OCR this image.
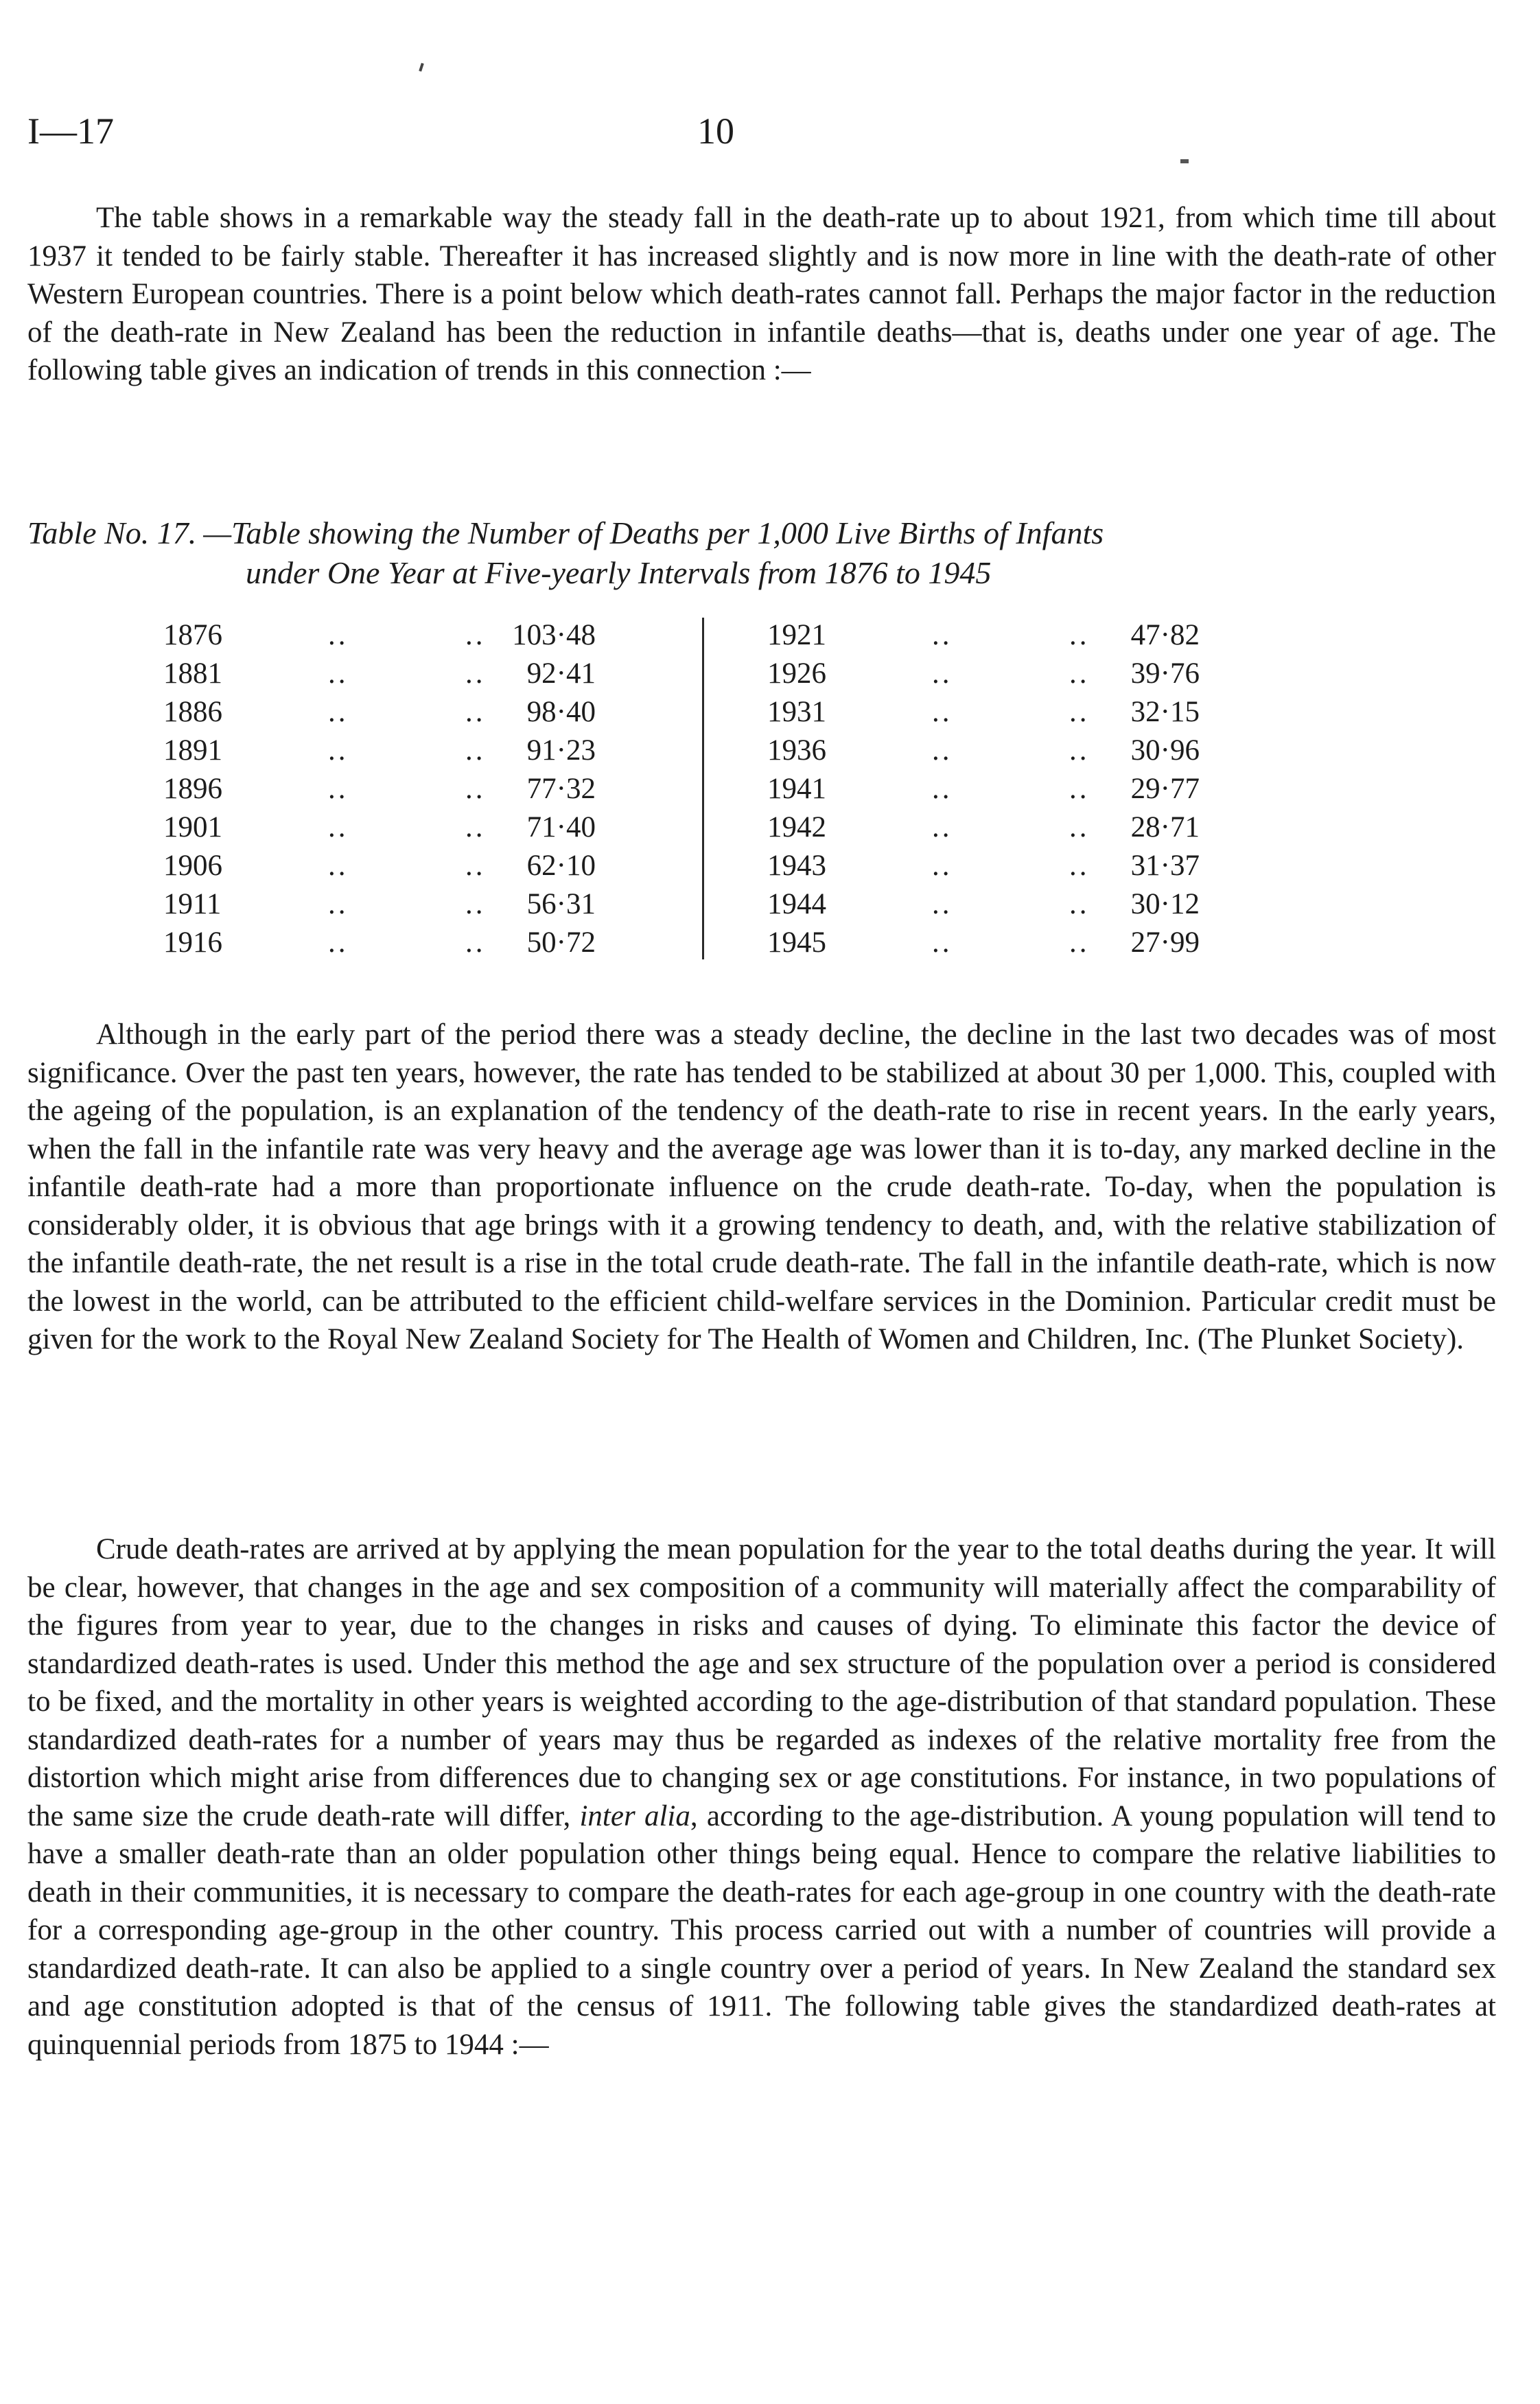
I—17	10

The table shows in a remarkable way the steady fall in the death-rate up to about 1921, from which time till about 1937 it tended to be fairly stable. Thereafter it has increased slightly and is now more in line with the death-rate of other Western European countries. There is a point below which death-rates cannot fall. Perhaps the major factor in the reduction of the death-rate in New Zealand has been the reduction in infantile deaths—that is, deaths under one year of age. The following table gives an indication of trends in this connection :—

Table No. 17. —Table showing the Number of Deaths per 1,000 Live Births of Infants
under One Year at Five-yearly Intervals from 1876 to 1945
1876	..	.. 103·48
1881	..	.. 92·41
1886	..	.. 98·40
1891	..	.. 91·23
1896	..	.. 77·32
1901	..	.. 71·40
1906	..	.. 62·10
1911	..	.. 56·31
1916	..	.. 50·72
1921	..	.. 47·82
1926	..	.. 39·76
1931	..	.. 32·15
1936	..	.. 30·96
1941	..	.. 29·77
1942	..	.. 28·71
1943	..	.. 31·37
1944	..	.. 30·12
1945	..	.. 27·99

Although in the early part of the period there was a steady decline, the decline in the last two decades was of most significance. Over the past ten years, however, the rate has tended to be stabilized at about 30 per 1,000. This, coupled with the ageing of the population, is an explanation of the tendency of the death-rate to rise in recent years. In the early years, when the fall in the infantile rate was very heavy and the average age was lower than it is to-day, any marked decline in the infantile death-rate had a more than proportionate influence on the crude death-rate. To-day, when the population is considerably older, it is obvious that age brings with it a growing tendency to death, and, with the relative stabilization of the infantile death-rate, the net result is a rise in the total crude death-rate. The fall in the infantile death-rate, which is now the lowest in the world, can be attributed to the efficient child-welfare services in the Dominion. Particular credit must be given for the work to the Royal New Zealand Society for The Health of Women and Children, Inc. (The Plunket Society).

Crude death-rates are arrived at by applying the mean population for the year to the total deaths during the year. It will be clear, however, that changes in the age and sex composition of a community will materially affect the comparability of the figures from year to year, due to the changes in risks and causes of dying. To eliminate this factor the device of standardized death-rates is used. Under this method the age and sex structure of the population over a period is considered to be fixed, and the mortality in other years is weighted according to the age-distribution of that standard population. These standardized death-rates for a number of years may thus be regarded as indexes of the relative mortality free from the distortion which might arise from differences due to changing sex or age constitutions. For instance, in two populations of the same size the crude death-rate will differ, inter alia, according to the age-distribution. A young population will tend to have a smaller death-rate than an older population other things being equal. Hence to compare the relative liabilities to death in their communities, it is necessary to compare the death-rates for each age-group in one country with the death-rate for a corresponding age-group in the other country. This process carried out with a number of countries will provide a standardized death-rate. It can also be applied to a single country over a period of years. In New Zealand the standard sex and age constitution adopted is that of the census of 1911. The following table gives the standardized death-rates at quinquennial periods from 1875 to 1944 :—
